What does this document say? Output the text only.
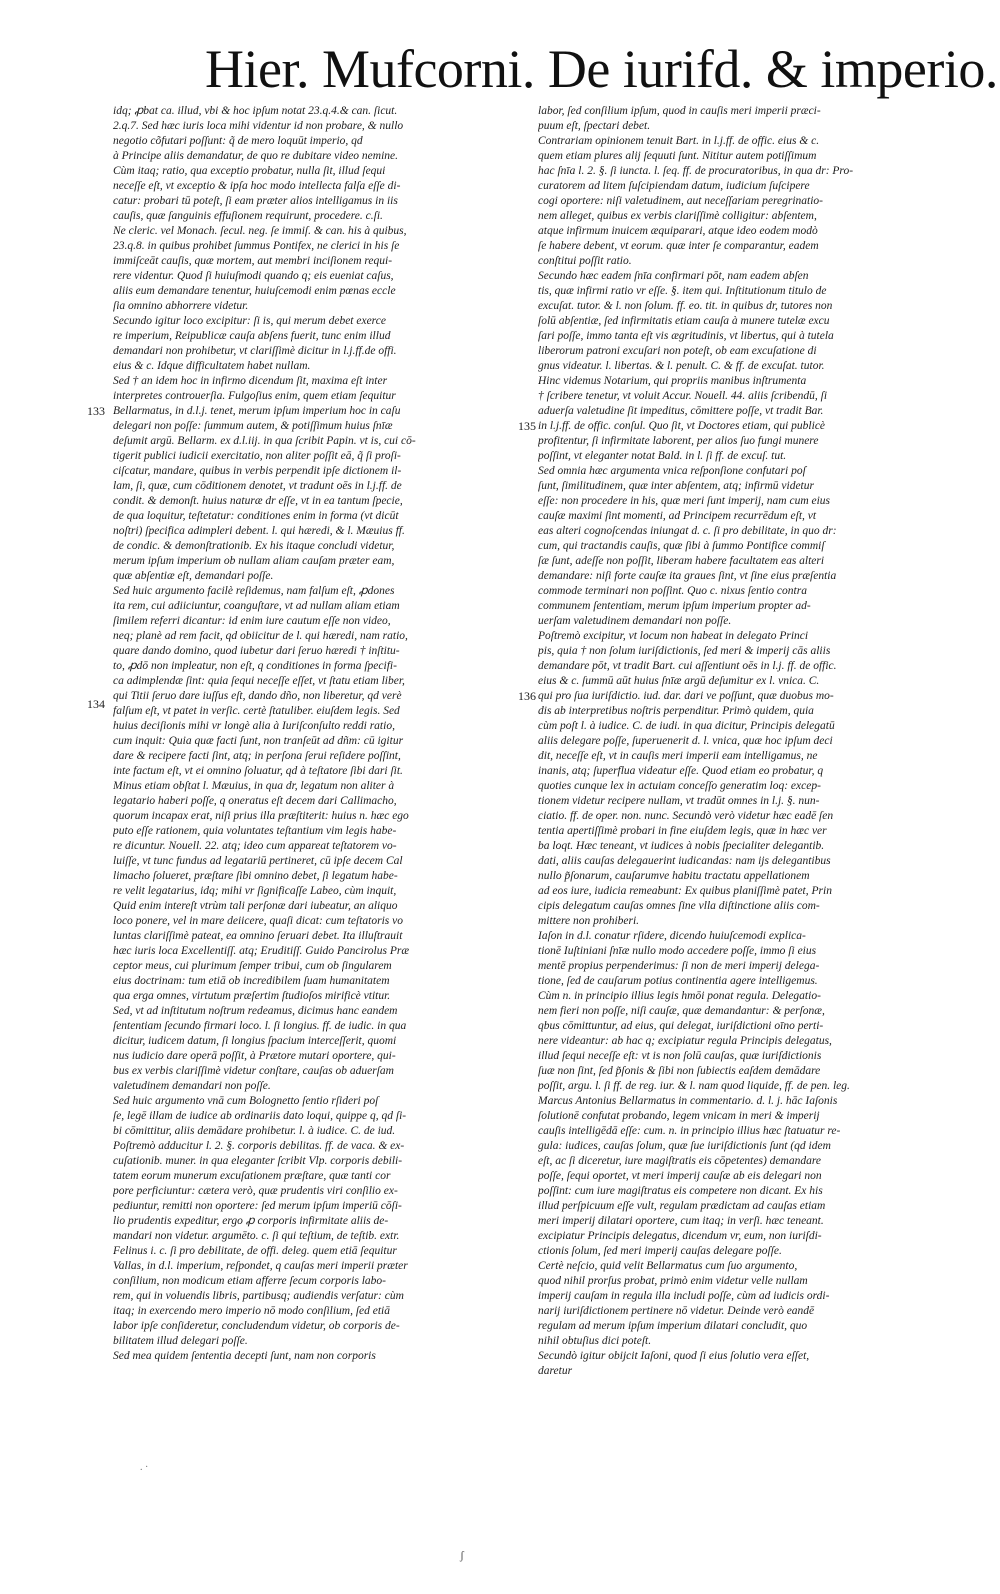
Hier. Mufcorni. De iurifd. & imperio.
133
134
135
136
idq; ꝓbat ca. illud, vbi & hoc ipſum notat 23.q.4.& can. ſicut.
2.q.7. Sed hæc iuris loca mihi videntur id non probare, & nullo
negotio cõfutari poſſunt: q̃ de mero loquūt imperio, qd
à Principe aliis demandatur, de quo re dubitare video nemine.
Cùm itaq; ratio, qua exceptio probatur, nulla ſit, illud ſequi
neceſſe eſt, vt exceptio & ipſa hoc modo intellecta falſa eſſe di-
catur: probari tū poteſt, ſi eam præter alios intelligamus in iis
cauſis, quæ ſanguinis effuſionem requirunt, procedere. c.ſi.
Ne cleric. vel Monach. ſecul. neg. ſe immiſ. & can. his à quibus,
23.q.8. in quibus prohibet ſummus Pontifex, ne clerici in his ſe
immiſceāt cauſis, quæ mortem, aut membri inciſionem requi-
rere videntur. Quod ſi huiuſmodi quando q; eis eueniat caſus,
aliis eum demandare tenentur, huiuſcemodi enim pœnas eccle
ſia omnino abhorrere videtur.
Secundo igitur loco excipitur: ſi is, qui merum debet exerce
re imperium, Reipublicæ cauſa abſens fuerit, tunc enim illud
demandari non prohibetur, vt clariſſimè dicitur in l.j.ff.de offi.
eius & c. Idque difficultatem habet nullam.
Sed † an idem hoc in infirmo dicendum ſit, maxima eſt inter
interpretes controuerſia. Fulgoſius enim, quem etiam ſequitur
Bellarmatus, in d.l.j. tenet, merum ipſum imperium hoc in caſu
delegari non poſſe: ſummum autem, & potiſſimum huius ſnīæ
deſumit argū. Bellarm. ex d.l.iij. in qua ſcribit Papin. vt is, cui cō-
tigerit publici iudicii exercitatio, non aliter poſſit eā, q̃ ſi proſi-
ciſcatur, mandare, quibus in verbis perpendit ipſe dictionem il-
lam, ſi, quæ, cum cōditionem denotet, vt tradunt oēs in l.j.ff. de
condit. & demonſt. huius naturæ dr eſſe, vt in ea tantum ſpecie,
de qua loquitur, teſtetatur: conditiones enim in forma (vt dicūt
noſtri) ſpecifica adimpleri debent. l. qui hæredi, & l. Mæuius ff.
de condic. & demonſtrationib. Ex his itaque concludi videtur,
merum ipſum imperium ob nullam aliam cauſam præter eam,
quæ abſentiæ eſt, demandari poſſe.
Sed huic argumento facilè reſidemus, nam falſum eſt, ꝓdones
ita rem, cui adiiciuntur, coanguſtare, vt ad nullam aliam etiam
ſimilem referri dicantur: id enim iure cautum eſſe non video,
neq; planè ad rem facit, qd obiicitur de l. qui hæredi, nam ratio,
quare dando domino, quod iubetur dari ſeruo hæredi † inſtitu-
to, ꝓdō non impleatur, non eſt, q conditiones in forma ſpecifi-
ca adimplendæ ſint: quia ſequi neceſſe eſſet, vt ſtatu etiam liber,
qui Titii ſeruo dare iuſſus eſt, dando dño, non liberetur, qd verè
falſum eſt, vt patet in verſic. certè ſtatuliber. eiuſdem legis. Sed
huius deciſionis mihi vr longè alia à Iuriſconſulto reddi ratio,
cum inquit: Quia quæ facti ſunt, non tranſeūt ad dñm: cū igitur
dare & recipere facti ſint, atq; in perſona ſerui reſidere poſſint,
inte factum eſt, vt ei omnino ſoluatur, qd à teſtatore ſibi dari ſit.
Minus etiam obſtat l. Mæuius, in qua dr, legatum non aliter à
legatario haberi poſſe, q oneratus eſt decem dari Callimacho,
quorum incapax erat, niſi prius illa præſtiterit: huius n. hæc ego
puto eſſe rationem, quia voluntates teſtantium vim legis habe-
re dicuntur. Nouell. 22. atq; ideo cum appareat teſtatorem vo-
luiſſe, vt tunc fundus ad legatariū pertineret, cū ipſe decem Cal
limacho ſolueret, præſtare ſibi omnino debet, ſi legatum habe-
re velit legatarius, idq; mihi vr ſignificaſſe Labeo, cùm inquit,
Quid enim intereſt vtrùm tali perſonæ dari iubeatur, an aliquo
loco ponere, vel in mare deiicere, quaſi dicat: cum teſtatoris vo
luntas clariſſimè pateat, ea omnino ſeruari debet. Ita illuſtrauit
hæc iuris loca Excellentiſſ. atq; Eruditiſſ. Guido Pancirolus Præ
ceptor meus, cui plurimum ſemper tribui, cum ob ſingularem
eius doctrinam: tum etiā ob incredibilem ſuam humanitatem
qua erga omnes, virtutum præſertim ſtudioſos mirificè vtitur.
Sed, vt ad inſtitutum noſtrum redeamus, dicimus hanc eandem
ſententiam ſecundo firmari loco. l. ſi longius. ff. de iudic. in qua
dicitur, iudicem datum, ſi longius ſpacium interceſſerit, quomi
nus iudicio dare operā poſſit, à Prætore mutari oportere, qui-
bus ex verbis clariſſimè videtur conſtare, cauſas ob aduerſam
valetudinem demandari non poſſe.
Sed huic argumento vnā cum Bolognetto ſentio rſideri poſ
ſe, legē illam de iudice ab ordinariis dato loqui, quippe q, qd ſi-
bi cōmittitur, aliis demādare prohibetur. l. à iudice. C. de iud.
Poſtremò adducitur l. 2. §. corporis debilitas. ff. de vaca. & ex-
cuſationib. muner. in qua eleganter ſcribit Vlp. corporis debili-
tatem eorum munerum excuſationem præſtare, quæ tanti cor
pore perficiuntur: cætera verò, quæ prudentis viri conſilio ex-
pediuntur, remitti non oportere: ſed merum ipſum imperiū cōſi-
lio prudentis expeditur, ergo ꝓ corporis infirmitate aliis de-
mandari non videtur. argumēto. c. ſi qui teſtium, de teſtib. extr.
Felinus i. c. ſi pro debilitate, de offi. deleg. quem etiā ſequitur
Vallas, in d.l. imperium, reſpondet, q cauſas meri imperii præter
conſilium, non modicum etiam afferre ſecum corporis labo-
rem, qui in voluendis libris, partibusq; audiendis verſatur: cùm
itaq; in exercendo mero imperio nō modo conſilium, ſed etiā
labor ipſe conſideretur, concludendum videtur, ob corporis de-
bilitatem illud delegari poſſe.
Sed mea quidem ſententia decepti ſunt, nam non corporis
labor, ſed conſilium ipſum, quod in cauſis meri imperii præci-
puum eſt, ſpectari debet.
Contrariam opinionem tenuit Bart. in l.j.ff. de offic. eius & c.
quem etiam plures alij ſequuti ſunt. Nititur autem potiſſimum
hac ſnīa l. 2. §. ſi iuncta. l. ſeq. ff. de procuratoribus, in qua dr: Pro-
curatorem ad litem ſuſcipiendam datum, iudicium ſuſcipere
cogi oportere: niſi valetudinem, aut neceſſariam peregrinatio-
nem alleget, quibus ex verbis clariſſimè colligitur: abſentem,
atque infirmum inuicem æquiparari, atque ideo eodem modò
ſe habere debent, vt eorum. quæ inter ſe comparantur, eadem
conſtitui poſſit ratio.
Secundo hæc eadem ſnīa confirmari pōt, nam eadem abſen
tis, quæ infirmi ratio vr eſſe. §. item qui. Inſtitutionum titulo de
excuſat. tutor. & l. non ſolum. ff. eo. tit. in quibus dr, tutores non
ſolū abſentiæ, ſed infirmitatis etiam cauſa à munere tutelæ excu
ſari poſſe, immo tanta eſt vis ægritudinis, vt libertus, qui à tutela
liberorum patroni excuſari non poteſt, ob eam excuſatione di
gnus videatur. l. libertas. & l. penult. C. & ff. de excuſat. tutor.
Hinc videmus Notarium, qui propriis manibus inſtrumenta
† ſcribere tenetur, vt voluit Accur. Nouell. 44. aliis ſcribendū, ſi
aduerſa valetudine ſit impeditus, cōmittere poſſe, vt tradit Bar.
in l.j.ff. de offic. conſul. Quo ſit, vt Doctores etiam, qui publicè
profitentur, ſi infirmitate laborent, per alios ſuo fungi munere
poſſint, vt eleganter notat Bald. in l. ſi ff. de excuſ. tut.
Sed omnia hæc argumenta vnica reſponſione confutari poſ
ſunt, ſimilitudinem, quæ inter abſentem, atq; infirmū videtur
eſſe: non procedere in his, quæ meri ſunt imperij, nam cum eius
cauſæ maximi ſint momenti, ad Principem recurrēdum eſt, vt
eas alteri cognoſcendas iniungat d. c. ſi pro debilitate, in quo dr:
cum, qui tractandis cauſis, quæ ſibi à ſummo Pontifice commiſ
ſæ ſunt, adeſſe non poſſit, liberam habere facultatem eas alteri
demandare: niſi forte cauſæ ita graues ſint, vt ſine eius præſentia
commode terminari non poſſint. Quo c. nixus ſentio contra
communem ſententiam, merum ipſum imperium propter ad-
uerſam valetudinem demandari non poſſe.
Poſtremò excipitur, vt locum non habeat in delegato Princi
pis, quia † non ſolum iuriſdictionis, ſed meri & imperij cās aliis
demandare pōt, vt tradit Bart. cui aſſentiunt oēs in l.j. ff. de offic.
eius & c. ſummū aūt huius ſnīæ argū deſumitur ex l. vnica. C.
qui pro ſua iuriſdictio. iud. dar. dari ve poſſunt, quæ duobus mo-
dis ab interpretibus noſtris perpenditur. Primò quidem, quia
cùm poſt l. à iudice. C. de iudi. in qua dicitur, Principis delegatū
aliis delegare poſſe, ſuperuenerit d. l. vnica, quæ hoc ipſum deci
dit, neceſſe eſt, vt in cauſis meri imperii eam intelligamus, ne
inanis, atq; ſuperflua videatur eſſe. Quod etiam eo probatur, q
quoties cunque lex in actuiam conceſſo generatim loq: excep-
tionem videtur recipere nullam, vt tradūt omnes in l.j. §. nun-
ciatio. ff. de oper. non. nunc. Secundò verò videtur hæc eadē ſen
tentia apertiſſimè probari in fine eiuſdem legis, quæ in hæc ver
ba loqt. Hæc teneant, vt iudices à nobis ſpecialiter delegantib.
dati, aliis cauſas delegauerint iudicandas: nam ijs delegantibus
nullo p̃ſonarum, cauſarumve habitu tractatu appellationem
ad eos iure, iudicia remeabunt: Ex quibus planiſſimè patet, Prin
cipis delegatum cauſas omnes ſine vlla diſtinctione aliis com-
mittere non prohiberi.
Iaſon in d.l. conatur rſidere, dicendo huiuſcemodi explica-
tionē Iuſtiniani ſnīæ nullo modo accedere poſſe, immo ſi eius
mentē propius perpenderimus: ſi non de meri imperij delega-
tione, ſed de cauſarum potius continentia agere intelligemus.
Cùm n. in principio illius legis hmōi ponat regula. Delegatio-
nem fieri non poſſe, niſi cauſæ, quæ demandantur: & perſonæ,
qbus cōmittuntur, ad eius, qui delegat, iuriſdictioni oīno perti-
nere videantur: ab hac q; excipiatur regula Principis delegatus,
illud ſequi neceſſe eſt: vt is non ſolū cauſas, quæ iuriſdictionis
ſuæ non ſint, ſed p̃ſonis & ſibi non ſubiectis eaſdem demādare
poſſit, argu. l. ſi ff. de reg. iur. & l. nam quod liquide, ff. de pen. leg.
Marcus Antonius Bellarmatus in commentario. d. l. j. hāc Iaſonis
ſolutionē confutat probando, legem vnicam in meri & imperij
cauſis intelligēdā eſſe: cum. n. in principio illius hæc ſtatuatur re-
gula: iudices, cauſas ſolum, quæ ſue iuriſdictionis ſunt (qd idem
eſt, ac ſi diceretur, iure magiſtratis eis cōpetentes) demandare
poſſe, ſequi oportet, vt meri imperij cauſæ ab eis delegari non
poſſint: cum iure magiſtratus eis competere non dicant. Ex his
illud perſpicuum eſſe vult, regulam prædictam ad cauſas etiam
meri imperij dilatari oportere, cum itaq; in verſi. hæc teneant.
excipiatur Principis delegatus, dicendum vr, eum, non iuriſdi-
ctionis ſolum, ſed meri imperij cauſas delegare poſſe.
Certè neſcio, quid velit Bellarmatus cum ſuo argumento,
quod nihil prorſus probat, primò enim videtur velle nullam
imperij cauſam in regula illa includi poſſe, cùm ad iudicis ordi-
narij iuriſdictionem pertinere nō videtur. Deinde verò eandē
regulam ad merum ipſum imperium dilatari concludit, quo
nihil obtuſius dici poteſt.
Secundò igitur obijcit Iaſoni, quod ſi eius ſolutio vera eſſet,
daretur
. ·
ʃ
